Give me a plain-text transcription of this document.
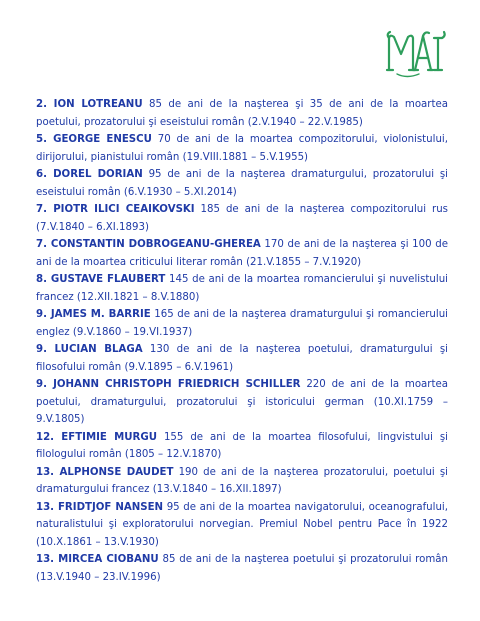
2. ION LOTREANU 85 de ani de la naşterea şi 35 de ani de la moartea poetului, prozatorului şi eseistului român (2.V.1940 – 22.V.1985)

5. GEORGE ENESCU 70 de ani de la moartea compozitorului, violonistului, dirijorului, pianistului român (19.VIII.1881 – 5.V.1955)

6. DOREL DORIAN 95 de ani de la naşterea dramaturgului, prozatorului şi eseistului român (6.V.1930 – 5.XI.2014)

7. PIOTR ILICI CEAIKOVSKI 185 de ani de la naşterea compozitorului rus (7.V.1840 – 6.XI.1893)

7. CONSTANTIN DOBROGEANU-GHEREA 170 de ani de la naşterea şi 100 de ani de la moartea criticului literar român (21.V.1855 – 7.V.1920)

8. GUSTAVE FLAUBERT 145 de ani de la moartea romancierului şi nuvelistului francez (12.XII.1821 – 8.V.1880)

9. JAMES M. BARRIE 165 de ani de la naşterea dramaturgului şi romancierului englez (9.V.1860 – 19.VI.1937)

9. LUCIAN BLAGA 130 de ani de la naşterea poetului, dramaturgului şi filosofului român (9.V.1895 – 6.V.1961)

9. JOHANN CHRISTOPH FRIEDRICH SCHILLER 220 de ani de la moartea poetului, dramaturgului, prozatorului şi istoricului german (10.XI.1759 – 9.V.1805)

12. EFTIMIE MURGU 155 de ani de la moartea filosofului, lingvistului şi filologului român (1805 – 12.V.1870)

13. ALPHONSE DAUDET 190 de ani de la naşterea prozatorului, poetului şi dramaturgului francez (13.V.1840 – 16.XII.1897)

13. FRIDTJOF NANSEN 95 de ani de la moartea navigatorului, oceanografului, naturalistului şi exploratorului norvegian. Premiul Nobel pentru Pace în 1922 (10.X.1861 – 13.V.1930)

13. MIRCEA CIOBANU 85 de ani de la naşterea poetului şi prozatorului român (13.V.1940 – 23.IV.1996)
